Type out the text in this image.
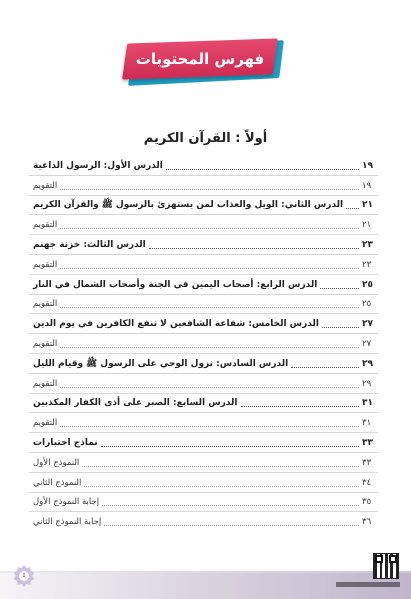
فهرس المحتويات
أولاً : القرآن الكريم
الدرس الأول: الرسول الداعية	١٩
التقويم	١٩
الدرس الثاني: الويل والعذاب لمن يستهزئ بالرسول ﷺ والقرآن الكريم ٢١
التقويم	٢١
الدرس الثالث: خزنة جهنم	٢٣
التقويم	٢٣
الدرس الرابع: أصحاب اليمين في الجنة وأصحاب الشمال في النار	٢٥
التقويم	٢٥
الدرس الخامس: شفاعة الشافعين لا تنفع الكافرين في يوم الدين	٢٧
التقويم	٢٧
الدرس السادس: نزول الوحي على الرسول ﷺ وقيام الليل	٢٩
التقويم	٢٩
الدرس السابع: الصبر على أذى الكفار المكذبين	٣١
التقويم	٣١
نماذج اختبارات	٣٣
النموذج الأول	٣٣
النموذج الثاني	٣٤
إجابة النموذج الأول	٣٥
إجابة النموذج الثاني	٣٦
٥
